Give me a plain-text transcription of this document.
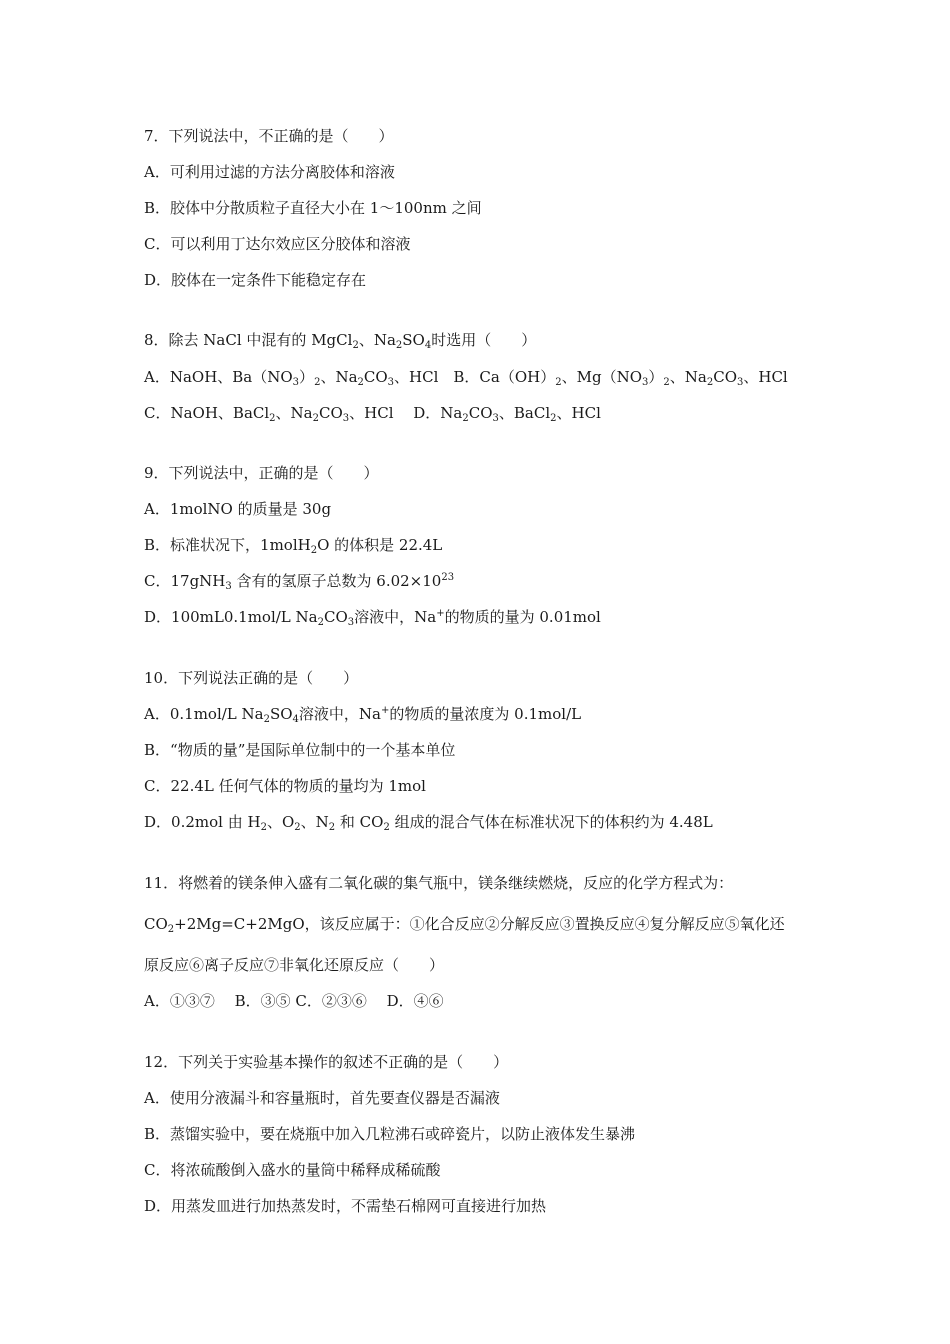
7．下列说法中，不正确的是（　　）
A．可利用过滤的方法分离胶体和溶液
B．胶体中分散质粒子直径大小在 1～100nm 之间
C．可以利用丁达尔效应区分胶体和溶液
D．胶体在一定条件下能稳定存在
8．除去 NaCl 中混有的 MgCl$_2$、$Na_2SO_4$时选用（　　）
A．NaOH、$Ba(NO_3)_2$、$Na_2CO_3$、HCl　B．$Ca(OH)_2$、$Mg(NO_3)_2$、$Na_2CO_3$、HCl
C．NaOH、BaCl$_2$、$Na_2CO_3$、HCl　 D．$Na_2CO_3$、BaCl$_2$、HCl
9．下列说法中，正确的是（　　）
A．1molNO 的质量是 30g
B．标准状况下，1molH$_2$O 的体积是 22.4L
C．17gNH$_3$ 含有的氢原子总数为 $6.02\times 10^{23}$
D．100mL0.1mol/L $Na_2CO_3$溶液中，Na+的物质的量为 0.01mol
10．下列说法正确的是（　　）
A．0.1mol/L $Na_2SO_4$溶液中，Na+的物质的量浓度为 0.1mol/L
B．“物质的量”是国际单位制中的一个基本单位
C．22.4L 任何气体的物质的量均为 1mol
D．0.2mol 由 $H_2$、$O_2$、$N_2$ 和 $CO_2$ 组成的混合气体在标准状况下的体积约为 4.48L
11．将燃着的镁条伸入盛有二氧化碳的集气瓶中，镁条继续燃烧，反应的化学方程式为：
$CO_2+2Mg=C+2MgO$，该反应属于：①化合反应②分解反应③置换反应④复分解反应⑤氧化还
原反应⑥离子反应⑦非氧化还原反应（　　）
A．①③⑦　 B．③⑤ C．②③⑥　 D．④⑥
12．下列关于实验基本操作的叙述不正确的是（　　）
A．使用分液漏斗和容量瓶时，首先要查仪器是否漏液
B．蒸馏实验中，要在烧瓶中加入几粒沸石或碎瓷片，以防止液体发生暴沸
C．将浓硫酸倒入盛水的量筒中稀释成稀硫酸
D．用蒸发皿进行加热蒸发时，不需垫石棉网可直接进行加热
